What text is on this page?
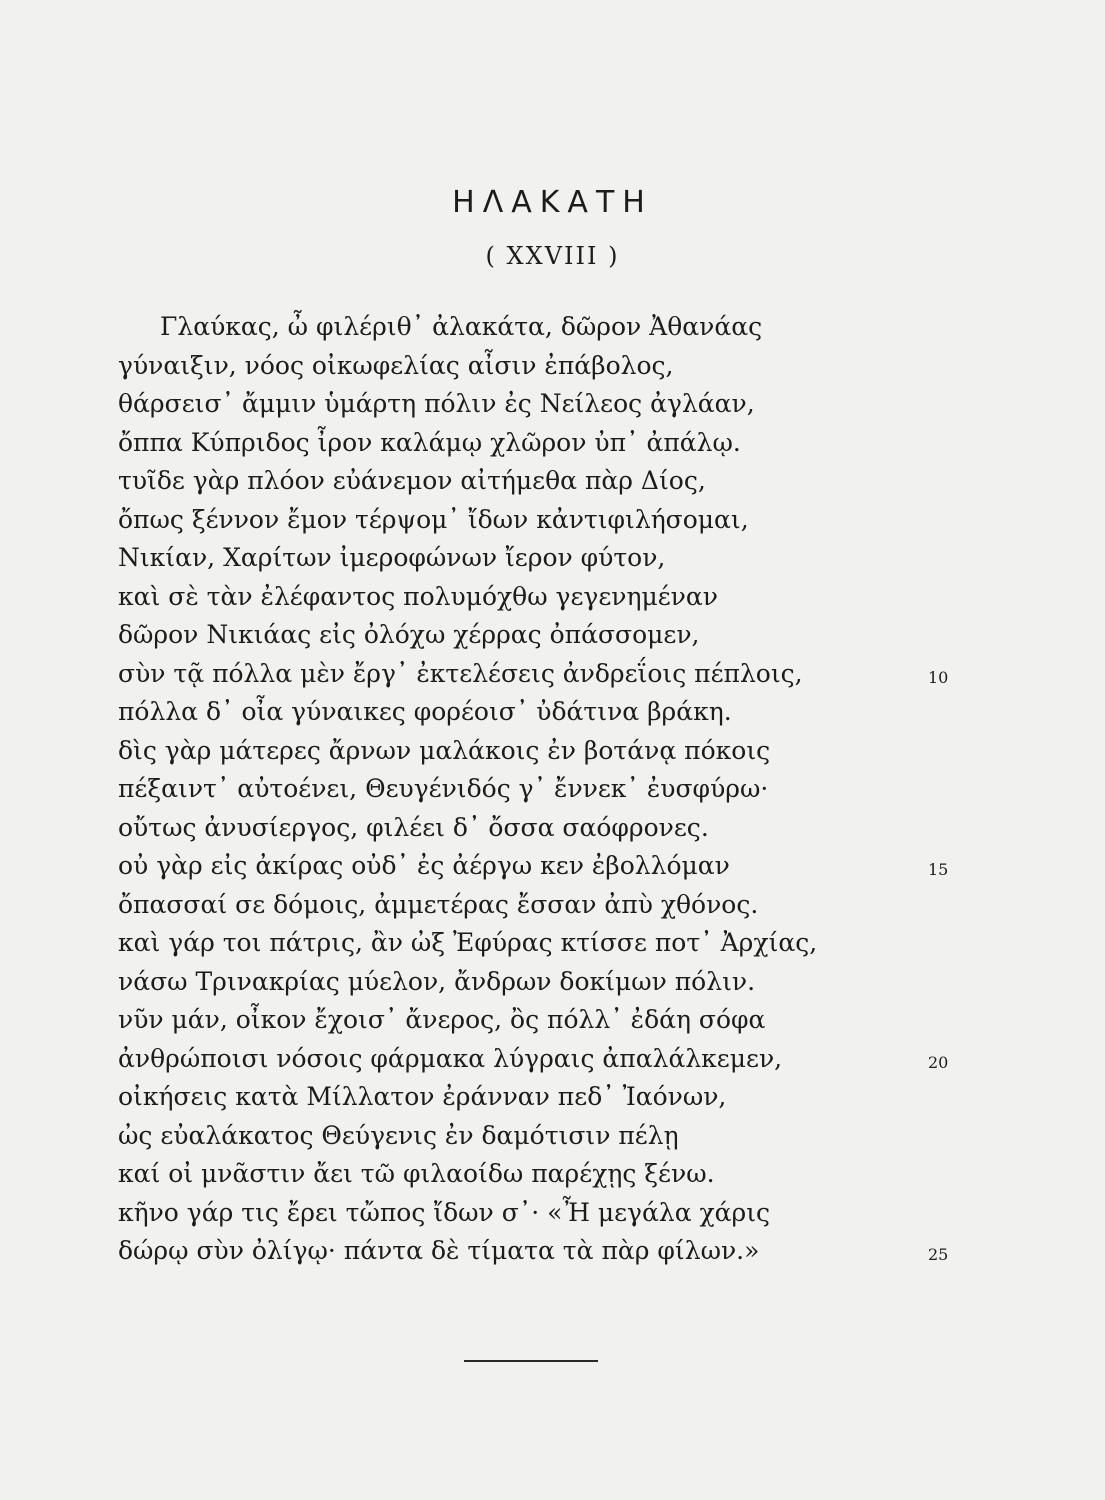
ΗΛΑΚΑΤΗ
( XXVIII )
Γλαύκας, ὦ φιλέριθ᾽ ἀλακάτα, δῶρον Ἀθανάας
γύναιξιν, νόος οἰκωφελίας αἶσιν ἐπάβολος,
θάρσεισ᾽ ἄμμιν ὑμάρτη πόλιν ἐς Νείλεος ἀγλάαν,
ὄππα Κύπριδος ἶρον καλάμῳ χλῶρον ὐπ᾽ ἀπάλῳ.
τυῖδε γὰρ πλόον εὐάνεμον αἰτήμεθα πὰρ Δίος,
ὄπως ξέννον ἔμον τέρψομ᾽ ἴδων κἀντιφιλήσομαι,
Νικίαν, Χαρίτων ἰμεροφώνων ἴερον φύτον,
καὶ σὲ τὰν ἐλέφαντος πολυμόχθω γεγενημέναν
δῶρον Νικιάας εἰς ὀλόχω χέρρας ὀπάσσομεν,
σὺν τᾷ πόλλα μὲν ἔργ᾽ ἐκτελέσεις ἀνδρεΐοις πέπλοις,	10
πόλλα δ᾽ οἶα γύναικες φορέοισ᾽ ὐδάτινα βράκη.
δὶς γὰρ μάτερες ἄρνων μαλάκοις ἐν βοτάνᾳ πόκοις
πέξαιντ᾽ αὐτοένει, Θευγένιδός γ᾽ ἔννεκ᾽ ἐυσφύρω·
οὔτως ἀνυσίεργος, φιλέει δ᾽ ὄσσα σαόφρονες.
οὐ γὰρ εἰς ἀκίρας οὐδ᾽ ἐς ἀέργω κεν ἐβολλόμαν	15
ὄπασσαί σε δόμοις, ἀμμετέρας ἔσσαν ἀπὺ χθόνος.
καὶ γάρ τοι πάτρις, ἂν ὠξ Ἐφύρας κτίσσε ποτ᾽ Ἀρχίας,
νάσω Τρινακρίας μύελον, ἄνδρων δοκίμων πόλιν.
νῦν μάν, οἶκον ἔχοισ᾽ ἄνερος, ὂς πόλλ᾽ ἐδάη σόφα
ἀνθρώποισι νόσοις φάρμακα λύγραις ἀπαλάλκεμεν,	20
οἰκήσεις κατὰ Μίλλατον ἐράνναν πεδ᾽ Ἰαόνων,
ὠς εὐαλάκατος Θεύγενις ἐν δαμότισιν πέλῃ
καί οἰ μνᾶστιν ἄει τῶ φιλαοίδω παρέχῃς ξένω.
κῆνο γάρ τις ἔρει τὤπος ἴδων σ᾽· «Ἦ μεγάλα χάρις
δώρῳ σὺν ὀλίγῳ· πάντα δὲ τίματα τὰ πὰρ φίλων.»	25
